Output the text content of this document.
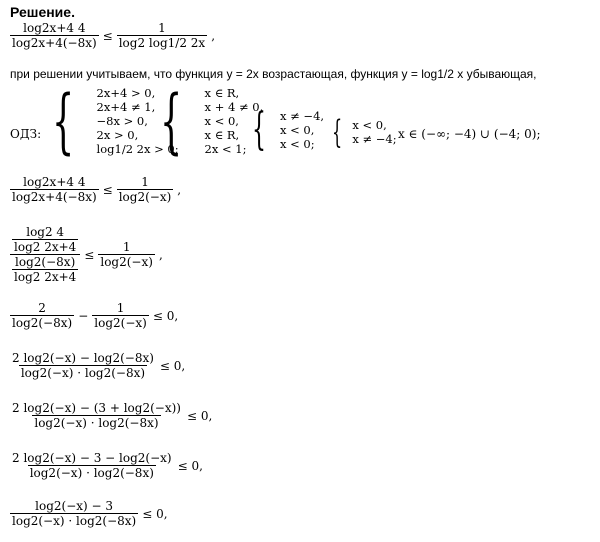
Решение.
$\frac{\log 2x+4 4}{\log 2x+4(-8x)} \le \frac{1}{\log 2 \log 1/2 2x}$ ,
при решении учитываем, что функция y = 2x возрастающая, функция y = log1/2 x убывающая,
ОДЗ: { 2x+4 > 0,
2x+4 ≠ 1,
−8x > 0,
2x > 0,
log1/2 2x > 0;
{ x ∈ R,
x + 4 ≠ 0,
x < 0,
x ∈ R,
2x < 1; { x ≠ −4,
x < 0,
x < 0; { x < 0,
x ≠ −4; x ∈ (−∞; −4) ∪ (−4; 0);
$\frac{\log 2x+4 4}{\log 2x+4(-8x)} \le \frac{1}{\log 2(-x)}$ ,
$\frac{\frac{\log 2 4}{\log 2 2x+4}}{\frac{\log 2(-8x)}{\log 2 2x+4}} \le \frac{1}{\log 2(-x)}$ ,
$\frac{2}{\log 2(-8x)} - \frac{1}{\log 2(-x)} \le 0$,
$\frac{2 \log 2(-x) - \log 2(-8x)}{\log 2(-x) \cdot \log 2(-8x)} \le 0$,
$\frac{2 \log 2(-x) - (3 + \log 2(-x))}{\log 2(-x) \cdot \log 2(-8x)} \le 0$,
$\frac{2 \log 2(-x) - 3 - \log 2(-x)}{\log 2(-x) \cdot \log 2(-8x)} \le 0$,
$\frac{\log 2(-x) - 3}{\log 2(-x) \cdot \log 2(-8x)} \le 0$,
